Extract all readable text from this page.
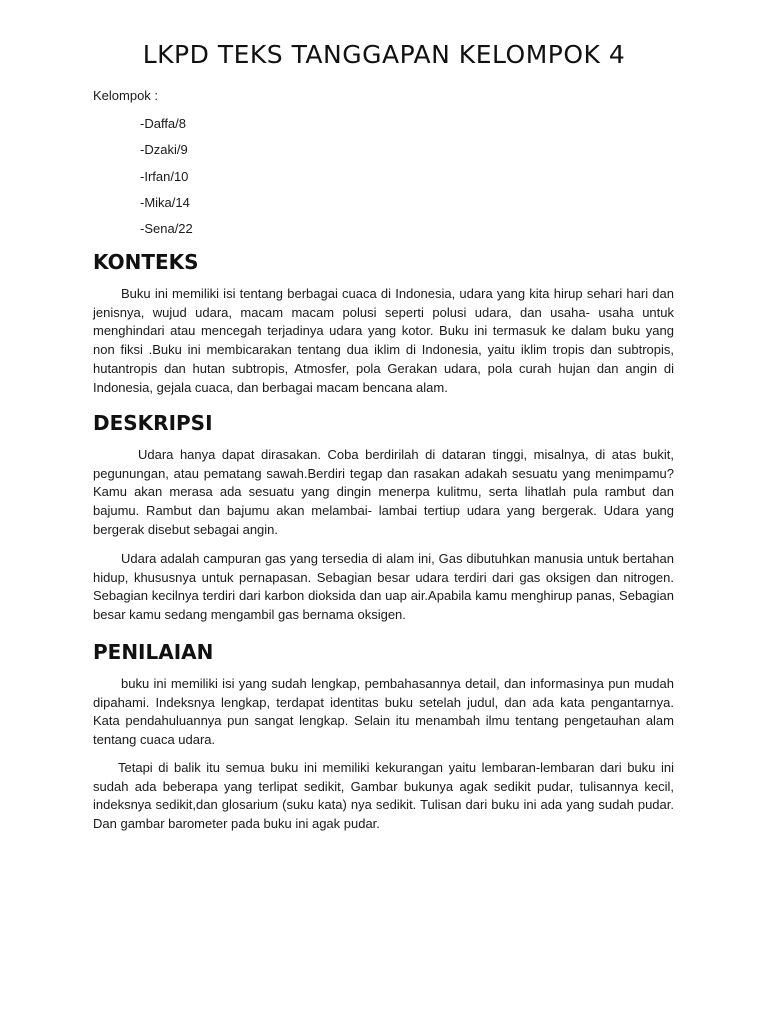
LKPD TEKS TANGGAPAN KELOMPOK 4
Kelompok :
-Daffa/8
-Dzaki/9
-Irfan/10
-Mika/14
-Sena/22
KONTEKS

Buku ini memiliki isi tentang berbagai cuaca di Indonesia, udara yang kita hirup sehari hari dan jenisnya, wujud udara, macam macam polusi seperti polusi udara, dan usaha- usaha untuk menghindari atau mencegah terjadinya udara yang kotor. Buku ini termasuk ke dalam buku yang non fiksi .Buku ini membicarakan tentang dua iklim di Indonesia, yaitu iklim tropis dan subtropis, hutantropis dan hutan subtropis, Atmosfer, pola Gerakan udara, pola curah hujan dan angin di Indonesia, gejala cuaca, dan berbagai macam bencana alam.

DESKRIPSI

Udara hanya dapat dirasakan. Coba berdirilah di dataran tinggi, misalnya, di atas bukit, pegunungan, atau pematang sawah.Berdiri tegap dan rasakan adakah sesuatu yang menimpamu? Kamu akan merasa ada sesuatu yang dingin menerpa kulitmu, serta lihatlah pula rambut dan bajumu. Rambut dan bajumu akan melambai- lambai tertiup udara yang bergerak. Udara yang bergerak disebut sebagai angin.

Udara adalah campuran gas yang tersedia di alam ini, Gas dibutuhkan manusia untuk bertahan hidup, khususnya untuk pernapasan. Sebagian besar udara terdiri dari gas oksigen dan nitrogen. Sebagian kecilnya terdiri dari karbon dioksida dan uap air.Apabila kamu menghirup panas, Sebagian besar kamu sedang mengambil gas bernama oksigen.

PENILAIAN

buku ini memiliki isi yang sudah lengkap, pembahasannya detail, dan informasinya pun mudah dipahami. Indeksnya lengkap, terdapat identitas buku setelah judul, dan ada kata pengantarnya. Kata pendahuluannya pun sangat lengkap. Selain itu menambah ilmu tentang pengetauhan alam tentang cuaca udara.

Tetapi di balik itu semua buku ini memiliki kekurangan yaitu lembaran-lembaran dari buku ini sudah ada beberapa yang terlipat sedikit, Gambar bukunya agak sedikit pudar, tulisannya kecil, indeksnya sedikit,dan glosarium (suku kata) nya sedikit. Tulisan dari buku ini ada yang sudah pudar. Dan gambar barometer pada buku ini agak pudar.
